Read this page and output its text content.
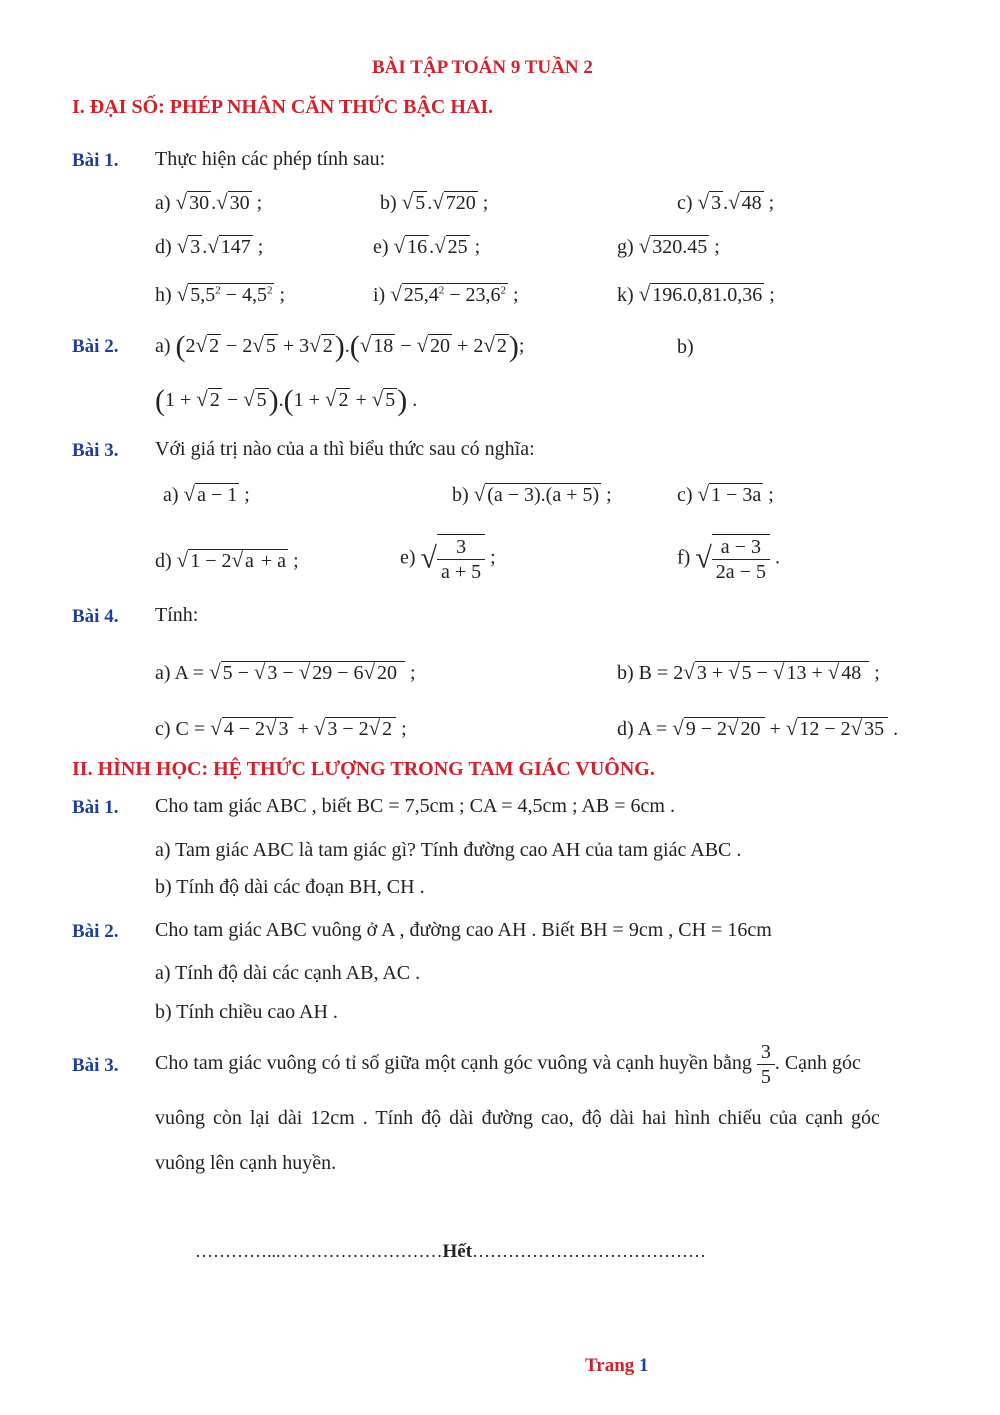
BÀI TẬP TOÁN 9 TUẦN 2
I. ĐẠI SỐ: PHÉP NHÂN CĂN THỨC BẬC HAI.
Bài 1. Thực hiện các phép tính sau:
a) √ 30 . √ 30 ;	b) √ 5 . √ 720 ;	c) √ 3 . √ 48 ;
d) √ 3 . √ 147 ;	e) √ 16 . √ 25 ;	g) √ 320.45 ;
h) √ $5,5^2 - 4,5^2$ ;	i) √ $25,4^2 - 23,6^2$ ;	k) √ 196.0,81.0,36 ;
Bài 2. a) (2 √ 2 − 2 √ 5 + 3 √ 2).( √ 18 − √ 20 + 2 √ 2);	b)
(1 + √ 2 − √ 5).(1 + √ 2 + √ 5) .
Bài 3. Với giá trị nào của a thì biểu thức sau có nghĩa:
a) √ a − 1 ;	b) √ (a − 3).(a + 5) ;	c) √ 1 − 3a ;
d) √ 1 − 2 √ a + a ;	e) √ $\frac{3}{a + 5}$ ;	f) √ $\frac{a - 3}{2a - 5}$ .
Bài 4. Tính:
a) A = √ 5 − √ 3 − √ 29 − 6 √ 20 ;	b) B = 2 √ 3 + √ 5 − √ 13 + √ 48 ;
c) C = √ 4 − 2 √ 3 + √ 3 − 2 √ 2 ;	d) A = √ 9 − 2 √ 20 + √ 12 − 2 √ 35 .
II. HÌNH HỌC: HỆ THỨC LƯỢNG TRONG TAM GIÁC VUÔNG.
Bài 1. Cho tam giác ABC , biết BC = 7,5cm ; CA = 4,5cm ; AB = 6cm .
a) Tam giác ABC là tam giác gì? Tính đường cao AH của tam giác ABC .
b) Tính độ dài các đoạn BH, CH .
Bài 2. Cho tam giác ABC vuông ở A , đường cao AH . Biết BH = 9cm , CH = 16cm
a) Tính độ dài các cạnh AB, AC .
b) Tính chiều cao AH .
Bài 3. Cho tam giác vuông có tỉ số giữa một cạnh góc vuông và cạnh huyền bằng $\frac{3}{5}$ . Cạnh góc
vuông còn lại dài 12cm . Tính độ dài đường cao, độ dài hai hình chiếu của cạnh góc
vuông lên cạnh huyền.
…………...………………………Hết…………………………………
Trang 1
